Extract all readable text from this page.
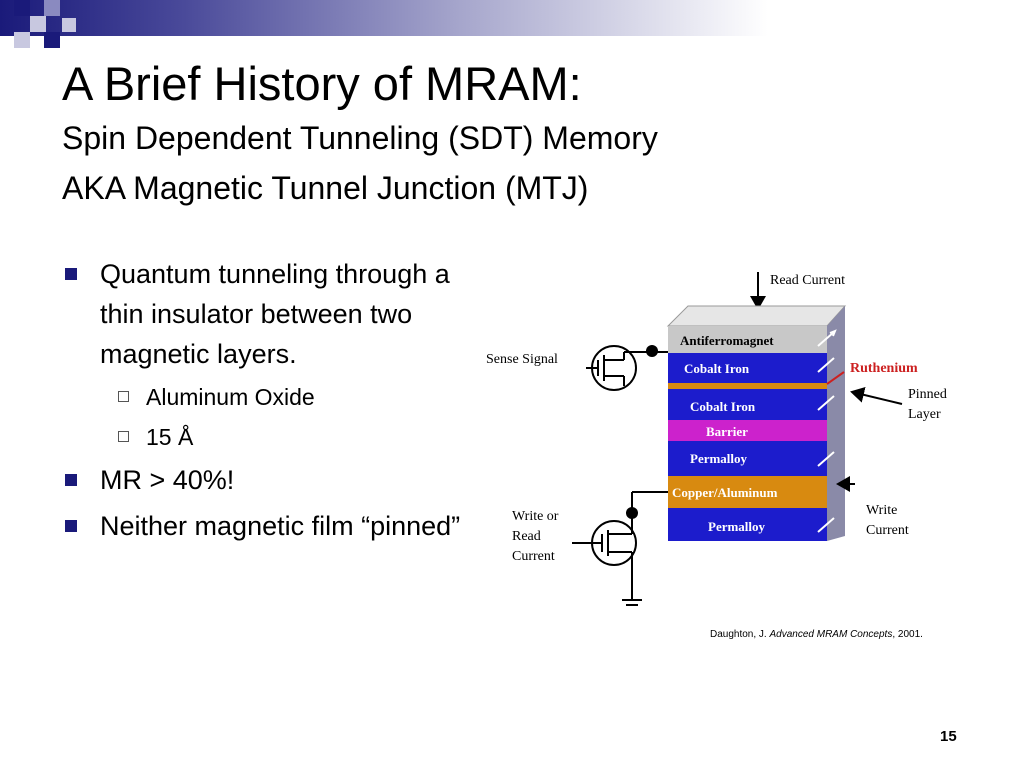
A Brief History of MRAM:
Spin Dependent Tunneling (SDT) Memory
AKA Magnetic Tunnel Junction (MTJ)
Quantum tunneling through a thin insulator between two magnetic layers.
Aluminum Oxide
15 Å
MR > 40%!
Neither magnetic film “pinned”
Read Current
Antiferromagnet
Cobalt Iron
Cobalt Iron
Barrier
Permalloy
Copper/Aluminum
Permalloy
Ruthenium
Pinned
Layer
Sense Signal
Write or
Read
Current
Write
Current
Daughton, J. Advanced MRAM Concepts, 2001.
15
